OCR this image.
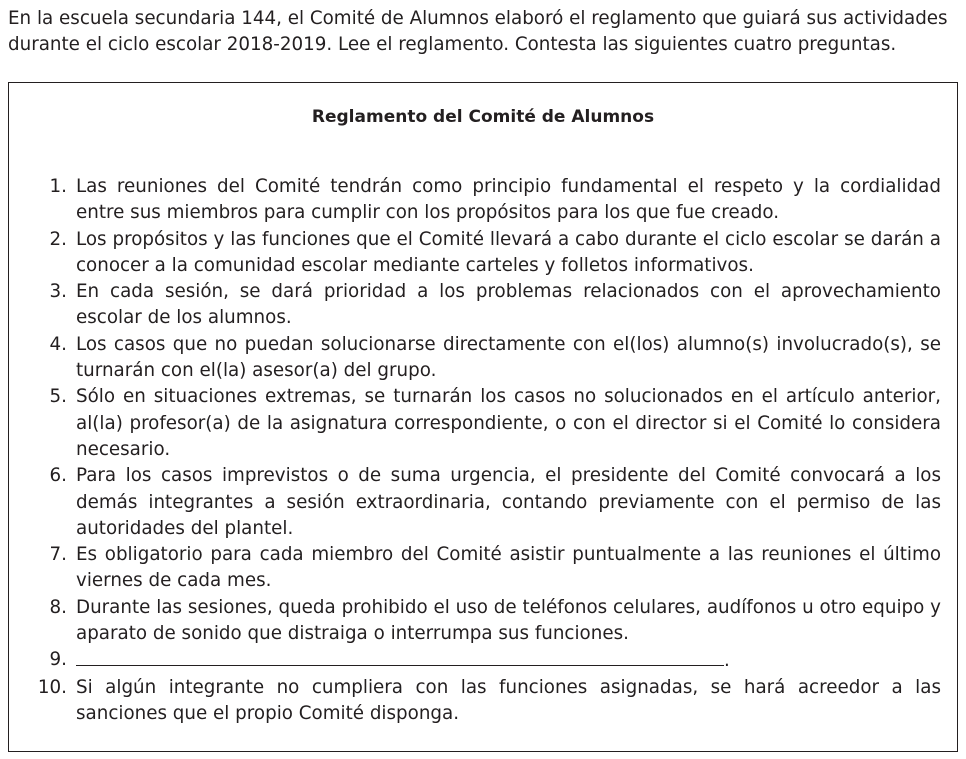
En la escuela secundaria 144, el Comité de Alumnos elaboró el reglamento que guiará sus actividades durante el ciclo escolar 2018-2019. Lee el reglamento. Contesta las siguientes cuatro preguntas.

Reglamento del Comité de Alumnos

1. Las reuniones del Comité tendrán como principio fundamental el respeto y la cordialidad entre sus miembros para cumplir con los propósitos para los que fue creado.
2. Los propósitos y las funciones que el Comité llevará a cabo durante el ciclo escolar se darán a conocer a la comunidad escolar mediante carteles y folletos informativos.
3. En cada sesión, se dará prioridad a los problemas relacionados con el aprovechamiento escolar de los alumnos.
4. Los casos que no puedan solucionarse directamente con el(los) alumno(s) involucrado(s), se turnarán con el(la) asesor(a) del grupo.
5. Sólo en situaciones extremas, se turnarán los casos no solucionados en el artículo anterior, al(la) profesor(a) de la asignatura correspondiente, o con el director si el Comité lo considera necesario.
6. Para los casos imprevistos o de suma urgencia, el presidente del Comité convocará a los demás integrantes a sesión extraordinaria, contando previamente con el permiso de las autoridades del plantel.
7. Es obligatorio para cada miembro del Comité asistir puntualmente a las reuniones el último viernes de cada mes.
8. Durante las sesiones, queda prohibido el uso de teléfonos celulares, audífonos u otro equipo y aparato de sonido que distraiga o interrumpa sus funciones.
9.	.
10. Si algún integrante no cumpliera con las funciones asignadas, se hará acreedor a las sanciones que el propio Comité disponga.
